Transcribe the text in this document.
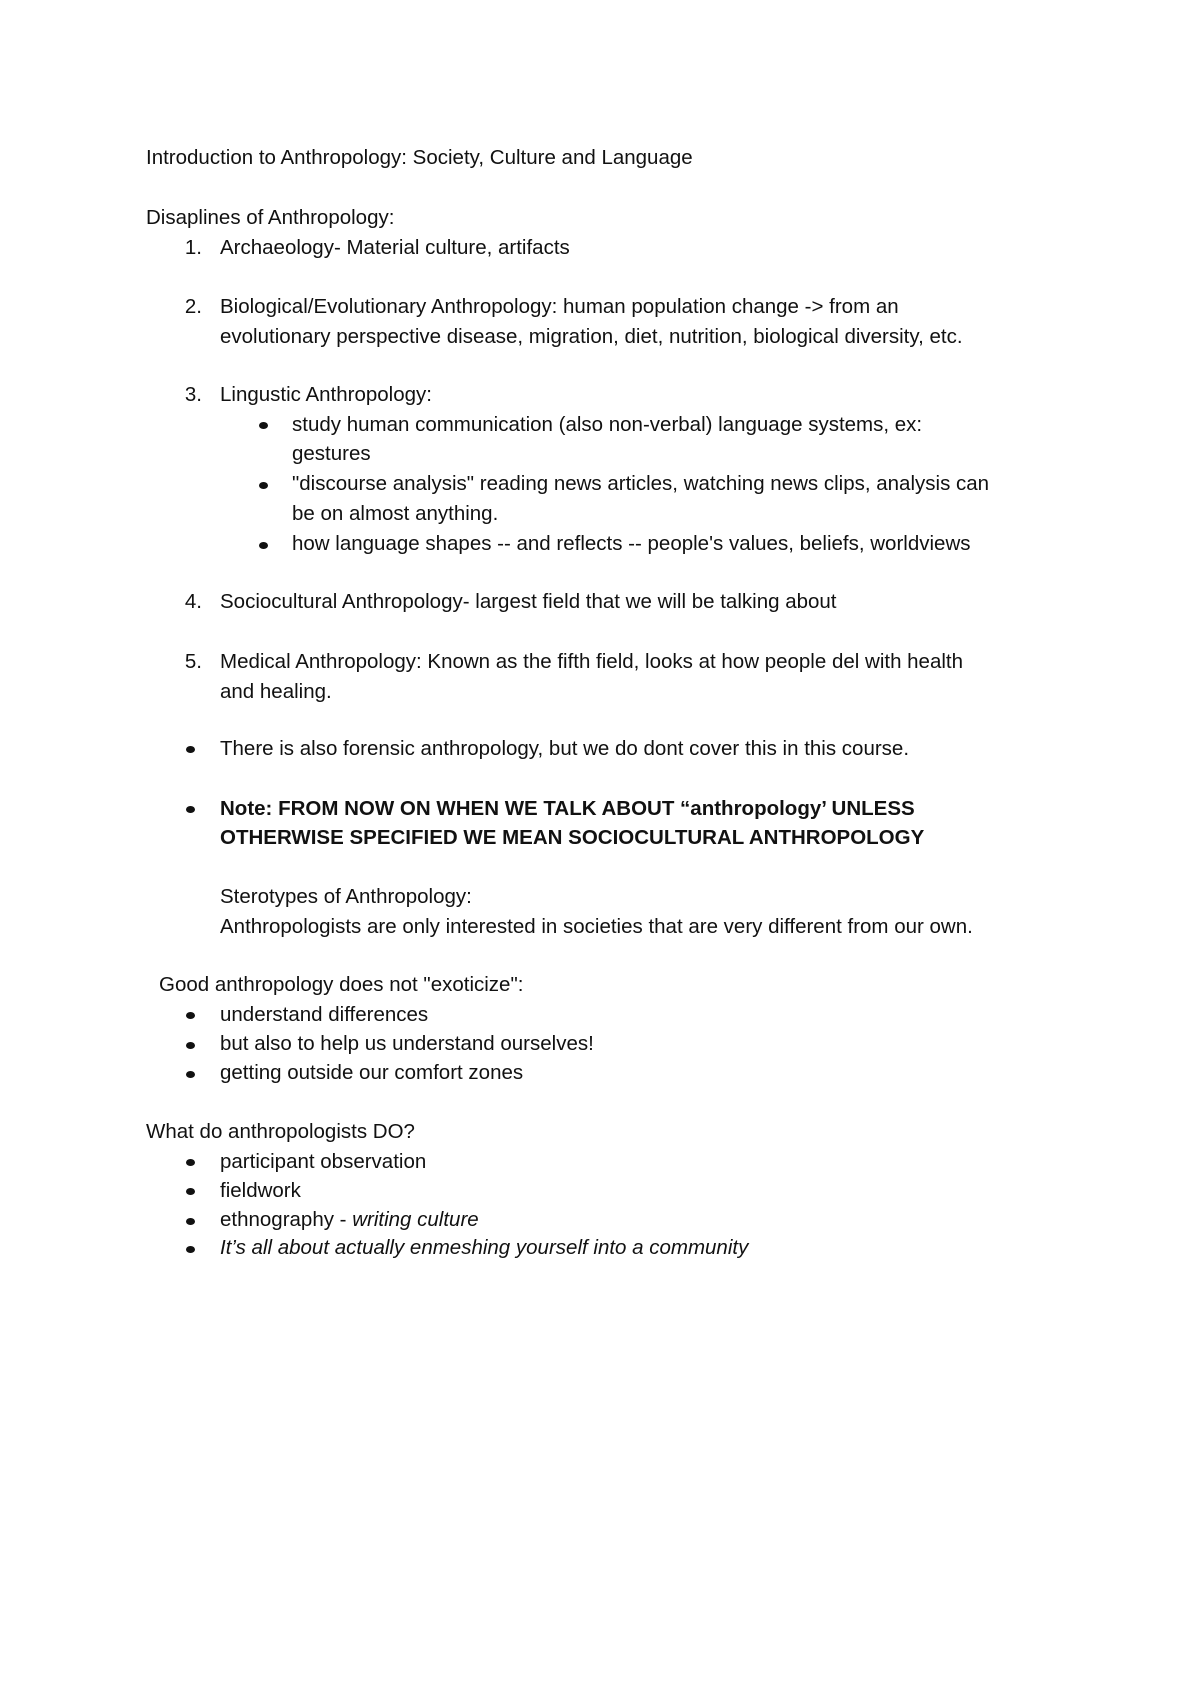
Introduction to Anthropology: Society, Culture and Language
Disaplines of Anthropology:
1. Archaeology- Material culture, artifacts
2. Biological/Evolutionary Anthropology: human population change -> from an
evolutionary perspective disease, migration, diet, nutrition, biological diversity, etc.
3. Lingustic Anthropology:
study human communication (also non-verbal) language systems, ex:
gestures
"discourse analysis" reading news articles, watching news clips, analysis can
be on almost anything.
how language shapes -- and reflects -- people's values, beliefs, worldviews
4. Sociocultural Anthropology- largest field that we will be talking about
5. Medical Anthropology: Known as the fifth field, looks at how people del with health
and healing.
There is also forensic anthropology, but we do dont cover this in this course.
Note: FROM NOW ON WHEN WE TALK ABOUT “anthropology’ UNLESS
OTHERWISE SPECIFIED WE MEAN SOCIOCULTURAL ANTHROPOLOGY
Sterotypes of Anthropology:
Anthropologists are only interested in societies that are very different from our own.
Good anthropology does not "exoticize":
understand differences
but also to help us understand ourselves!
getting outside our comfort zones
What do anthropologists DO?
participant observation
fieldwork
ethnography - writing culture
It’s all about actually enmeshing yourself into a community
